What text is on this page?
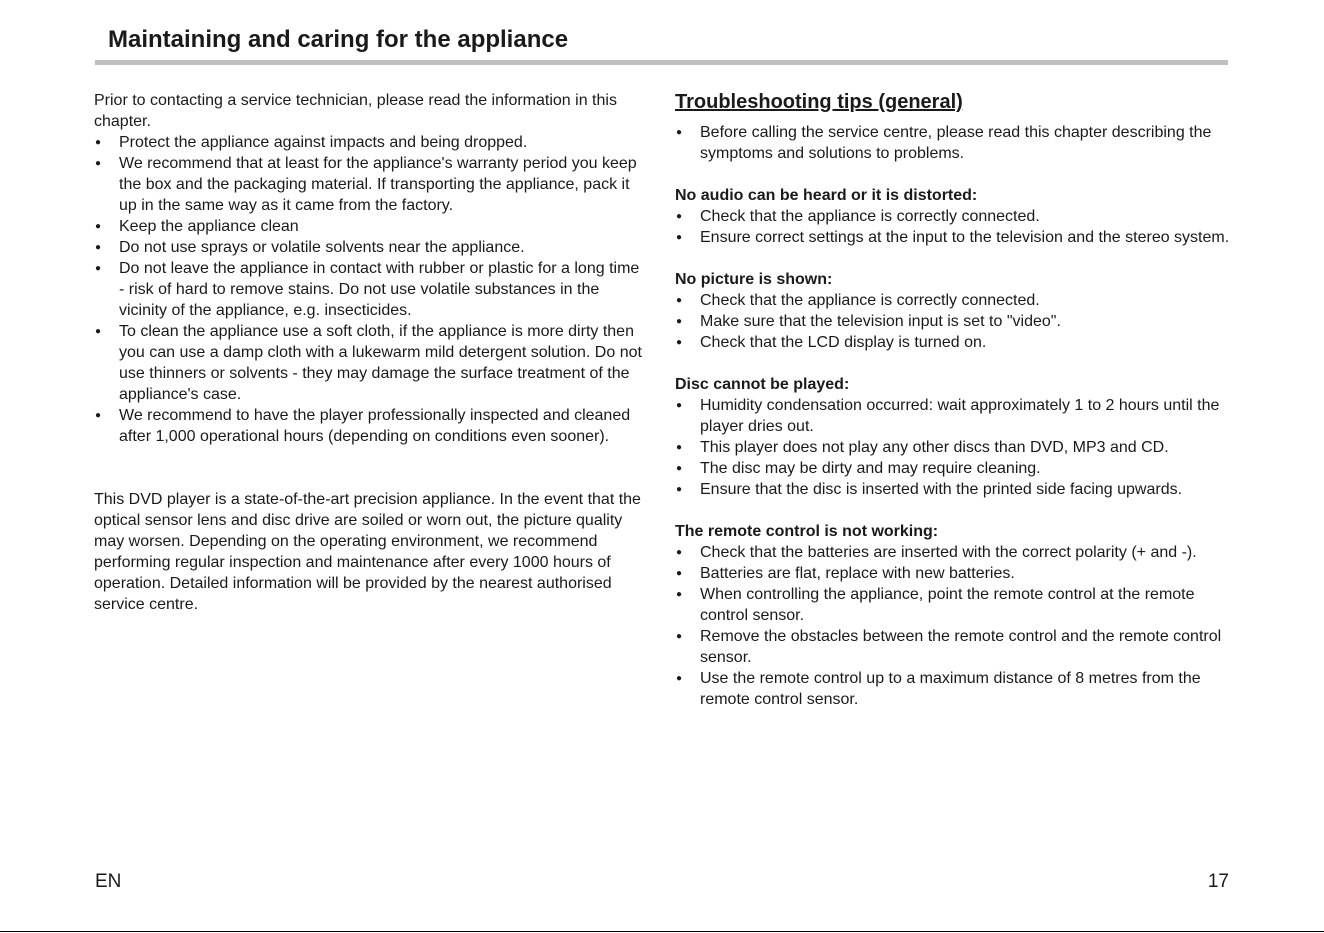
Maintaining and caring for the appliance

Prior to contacting a service technician, please read the information in this chapter.

● Protect the appliance against impacts and being dropped.
● We recommend that at least for the appliance's warranty period you keep the box and the packaging material. If transporting the appliance, pack it up in the same way as it came from the factory.
● Keep the appliance clean
● Do not use sprays or volatile solvents near the appliance.
● Do not leave the appliance in contact with rubber or plastic for a long time - risk of hard to remove stains. Do not use volatile substances in the vicinity of the appliance, e.g. insecticides.
● To clean the appliance use a soft cloth, if the appliance is more dirty then you can use a damp cloth with a lukewarm mild detergent solution. Do not use thinners or solvents - they may damage the surface treatment of the appliance's case.
● We recommend to have the player professionally inspected and cleaned after 1,000 operational hours (depending on conditions even sooner).

This DVD player is a state-of-the-art precision appliance. In the event that the optical sensor lens and disc drive are soiled or worn out, the picture quality may worsen. Depending on the operating environment, we recommend performing regular inspection and maintenance after every 1000 hours of operation. Detailed information will be provided by the nearest authorised service centre.

Troubleshooting tips (general)
● Before calling the service centre, please read this chapter describing the symptoms and solutions to problems.
No audio can be heard or it is distorted:
● Check that the appliance is correctly connected.
● Ensure correct settings at the input to the television and the stereo system.
No picture is shown:
● Check that the appliance is correctly connected.
● Make sure that the television input is set to "video".
● Check that the LCD display is turned on.
Disc cannot be played:
● Humidity condensation occurred: wait approximately 1 to 2 hours until the player dries out.
● This player does not play any other discs than DVD, MP3 and CD.
● The disc may be dirty and may require cleaning.
● Ensure that the disc is inserted with the printed side facing upwards.
The remote control is not working:
● Check that the batteries are inserted with the correct polarity (+ and -).
● Batteries are flat, replace with new batteries.
● When controlling the appliance, point the remote control at the remote control sensor.
● Remove the obstacles between the remote control and the remote control sensor.
● Use the remote control up to a maximum distance of 8 metres from the remote control sensor.
EN	17
